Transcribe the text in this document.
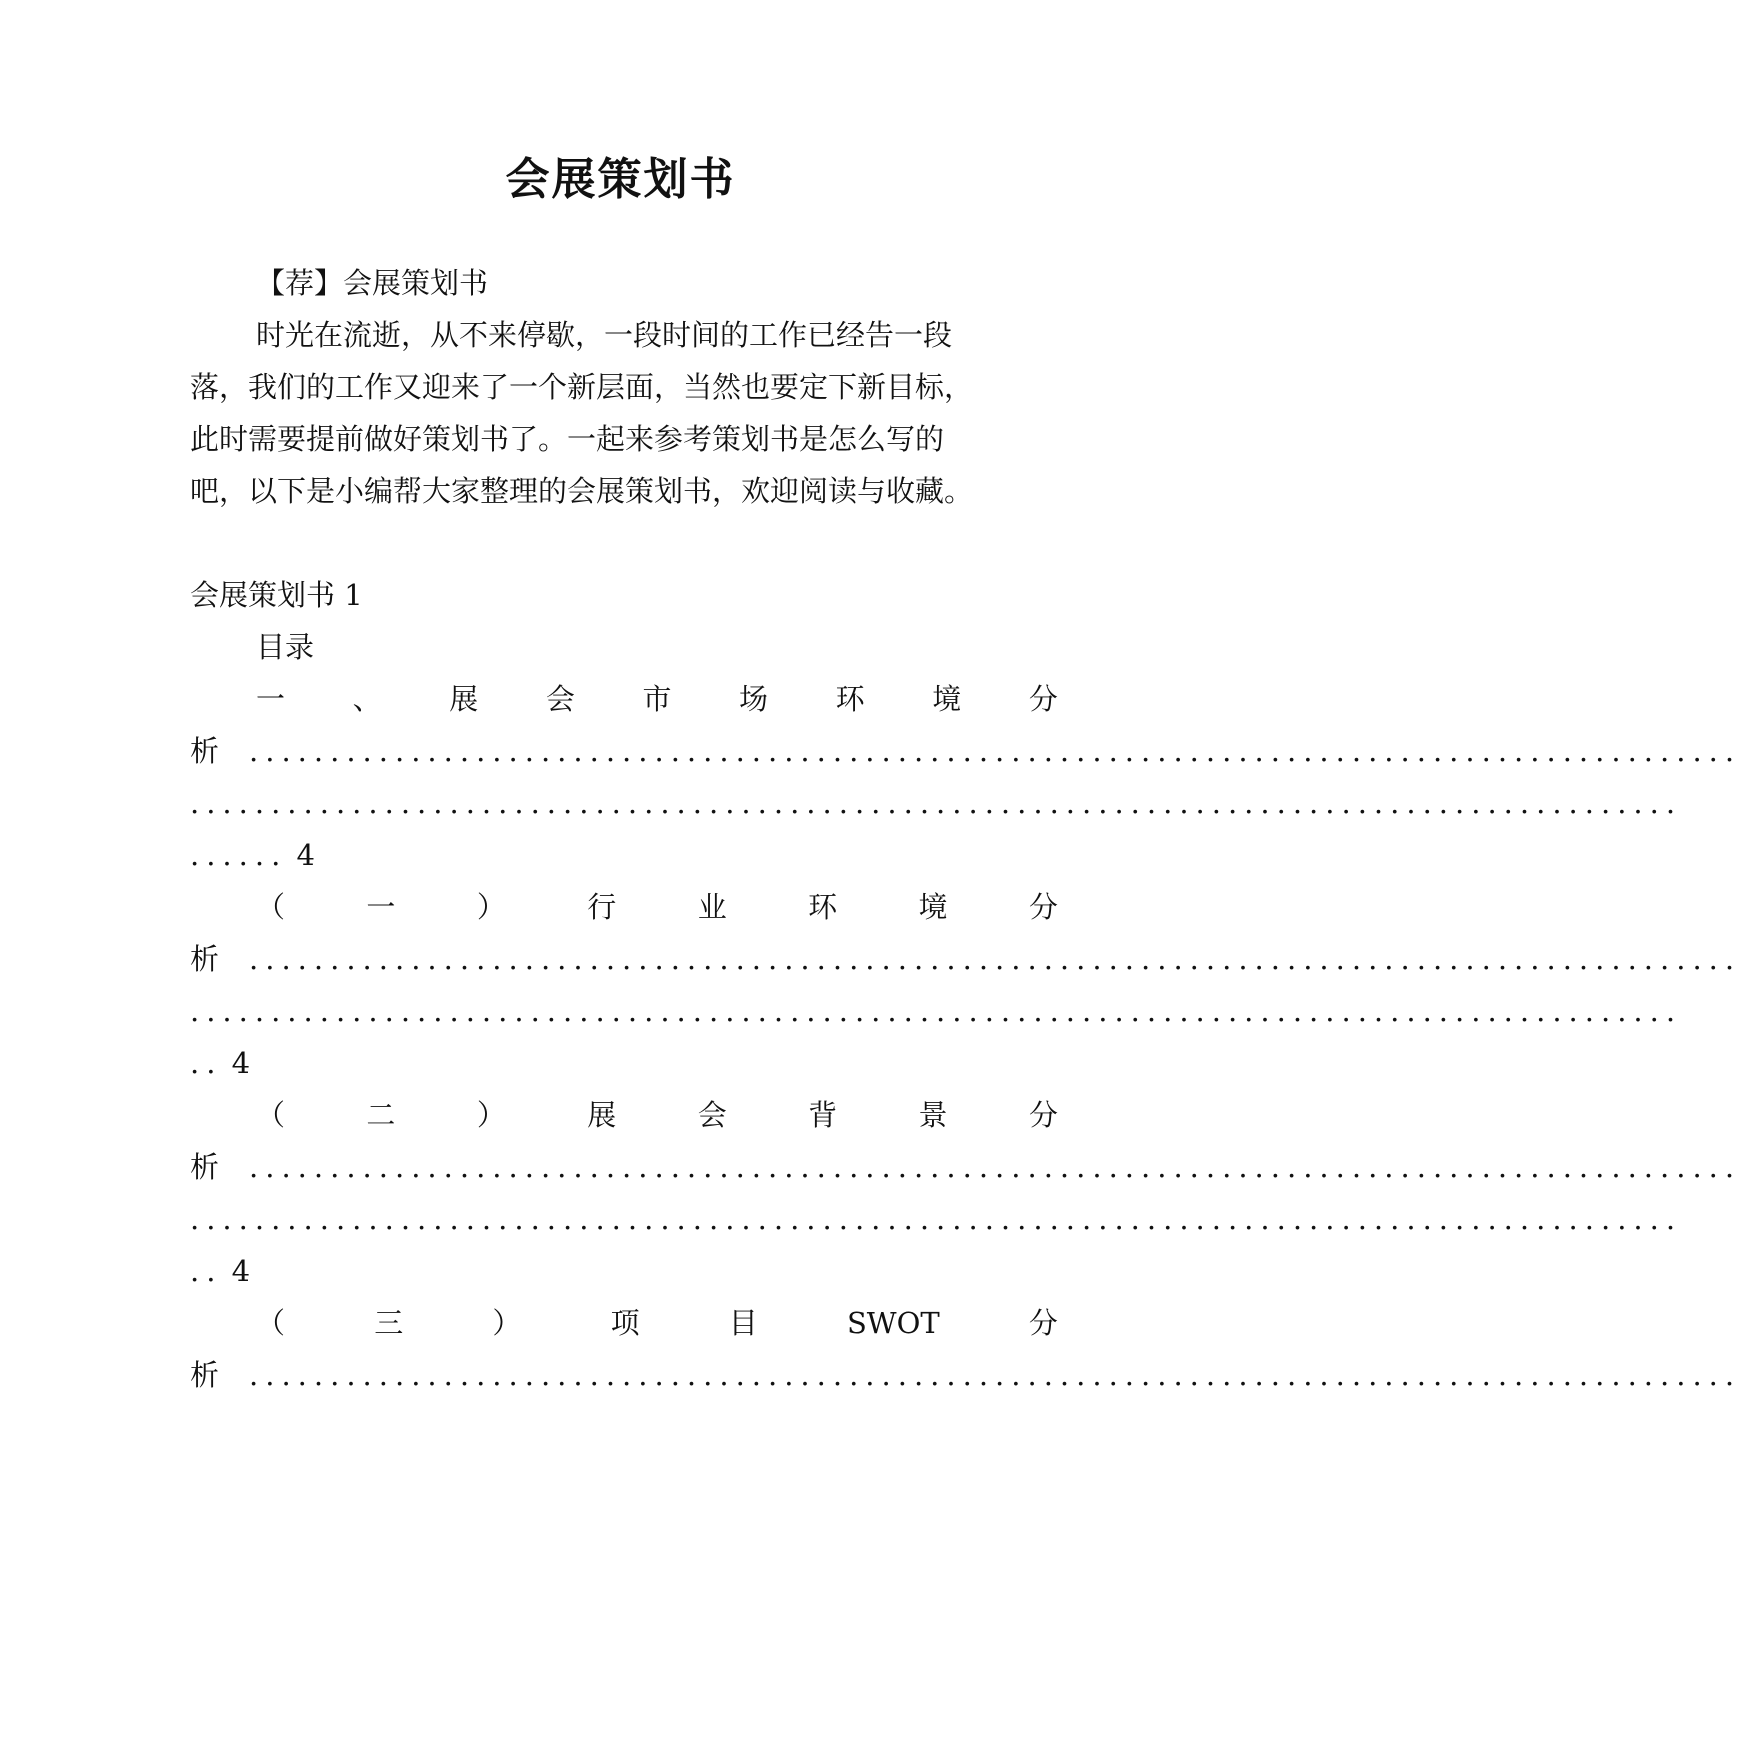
会展策划书
【荐】会展策划书
时光在流逝，从不来停歇，一段时间的工作已经告一段
落，我们的工作又迎来了一个新层面，当然也要定下新目标，
此时需要提前做好策划书了。一起来参考策划书是怎么写的
吧，以下是小编帮大家整理的会展策划书，欢迎阅读与收藏。
会展策划书 1
目录
一 、 展 会 市 场 环 境 分
析 ............................................................................................
............................................................................................
...... 4
（	一	）	行	业	环	境	分
析 ............................................................................................
............................................................................................
.. 4
（	二	）	展	会	背	景	分
析 ............................................................................................
............................................................................................
.. 4
（	三	）	项	目	SWOT	分
析 ............................................................................................
